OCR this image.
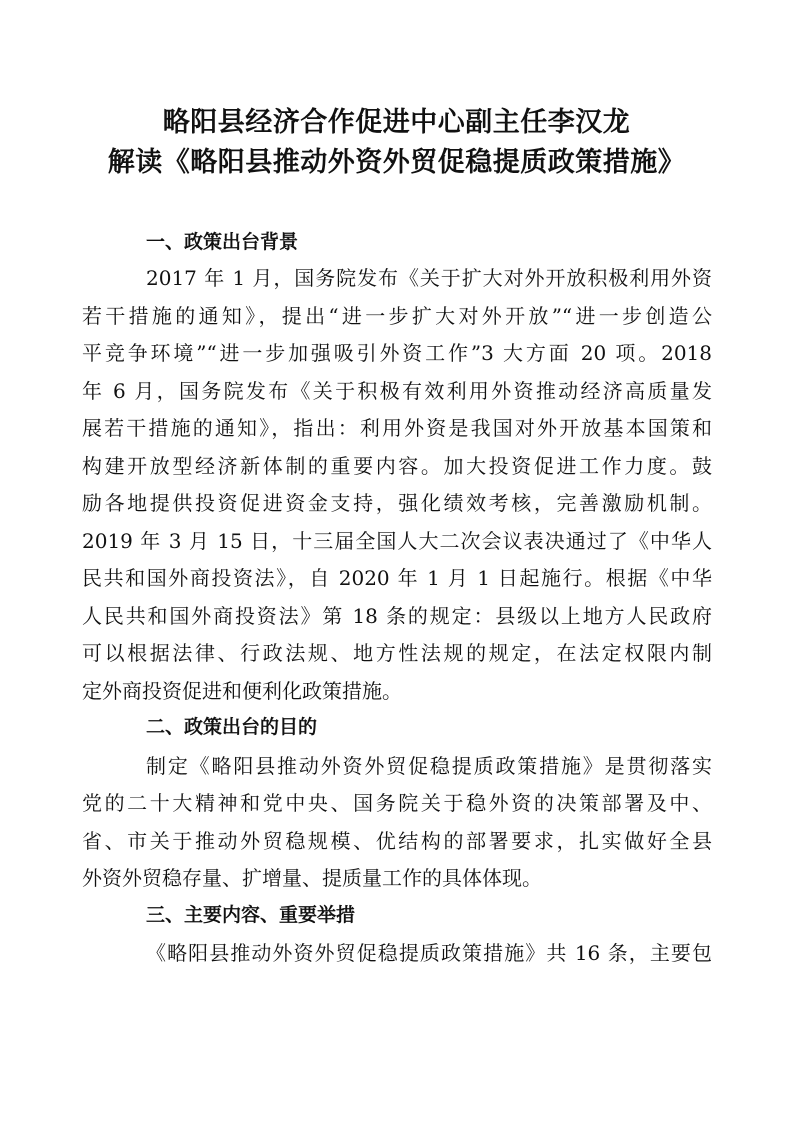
略阳县经济合作促进中心副主任李汉龙
解读《略阳县推动外资外贸促稳提质政策措施》
一、政策出台背景
2017 年 1 月，国务院发布《关于扩大对外开放积极利用外资
若干措施的通知》，提出“进一步扩大对外开放”“进一步创造公
平竞争环境”“进一步加强吸引外资工作”3 大方面 20 项。2018
年 6 月，国务院发布《关于积极有效利用外资推动经济高质量发
展若干措施的通知》，指出：利用外资是我国对外开放基本国策和
构建开放型经济新体制的重要内容。加大投资促进工作力度。鼓
励各地提供投资促进资金支持，强化绩效考核，完善激励机制。
2019 年 3 月 15 日，十三届全国人大二次会议表决通过了《中华人
民共和国外商投资法》，自 2020 年 1 月 1 日起施行。根据《中华
人民共和国外商投资法》第 18 条的规定：县级以上地方人民政府
可以根据法律、行政法规、地方性法规的规定，在法定权限内制
定外商投资促进和便利化政策措施。
二、政策出台的目的
制定《略阳县推动外资外贸促稳提质政策措施》是贯彻落实
党的二十大精神和党中央、国务院关于稳外资的决策部署及中、
省、市关于推动外贸稳规模、优结构的部署要求，扎实做好全县
外资外贸稳存量、扩增量、提质量工作的具体体现。
三、主要内容、重要举措
《略阳县推动外资外贸促稳提质政策措施》共 16 条，主要包
